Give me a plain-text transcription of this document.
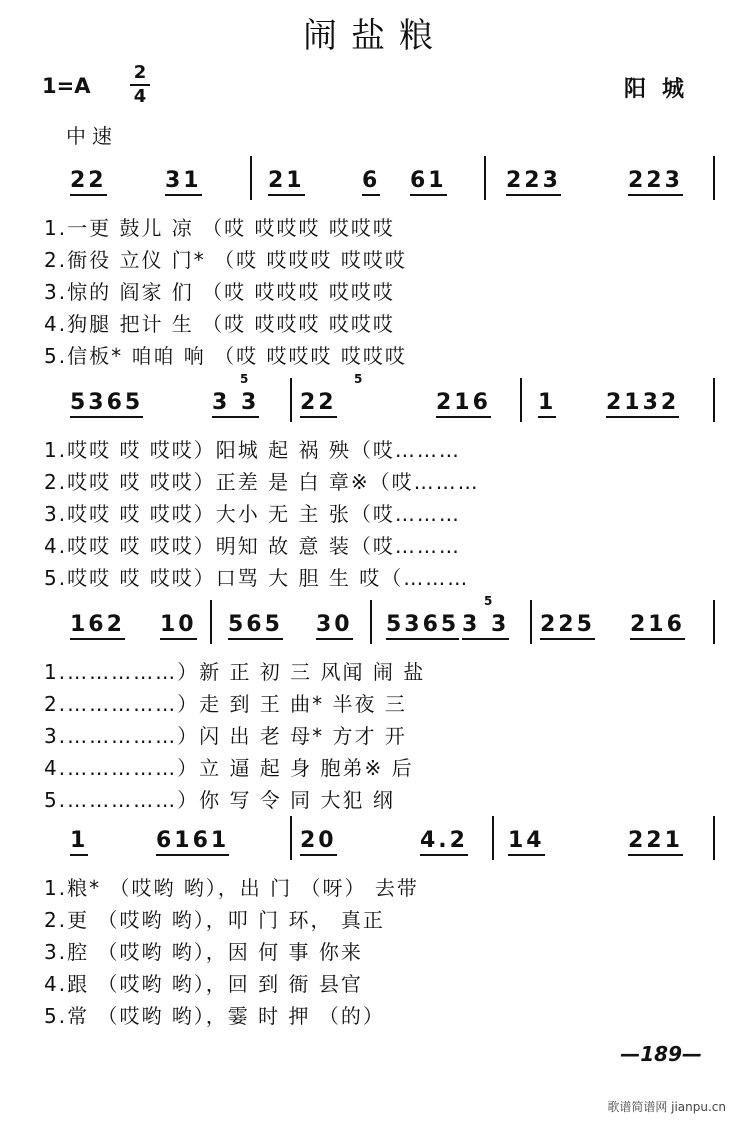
闹盐粮
1=A
2
4	阳城
中速
22	31	21	6 61	223	223
1.一更 鼓儿 凉 （哎 哎哎哎 哎哎哎
2.衙役 立仪 门* （哎 哎哎哎 哎哎哎
3.惊的 阎家 们 （哎 哎哎哎 哎哎哎
4.狗腿 把计 生 （哎 哎哎哎 哎哎哎
5.信板* 咱咱 响 （哎 哎哎哎 哎哎哎
5365	3 3 22	216 1 2132
5	5
1.哎哎 哎 哎哎）阳城 起 祸 殃（哎………
2.哎哎 哎 哎哎）正差 是 白 章※（哎………
3.哎哎 哎 哎哎）大小 无 主 张（哎………
4.哎哎 哎 哎哎）明知 故 意 装（哎………
5.哎哎 哎 哎哎）口骂 大 胆 生 哎（………
162 10 565 30 5365 3 3 225 216
5
1.……………）新 正 初 三 风闻 闹 盐
2.……………）走 到 王 曲* 半夜 三
3.……………）闪 出 老 母* 方才 开
4.……………）立 逼 起 身 胞弟※ 后
5.……………）你 写 令 同 大犯 纲
1	6161	20	4.2 14	221
1.粮* （哎哟 哟），出 门 （呀） 去带
2.更 （哎哟 哟），叩 门 环， 真正
3.腔 （哎哟 哟），因 何 事 你来
4.跟 （哎哟 哟），回 到 衙 县官
5.常 （哎哟 哟），霎 时 押 （的）
—189—
歌谱简谱网 jianpu.cn
